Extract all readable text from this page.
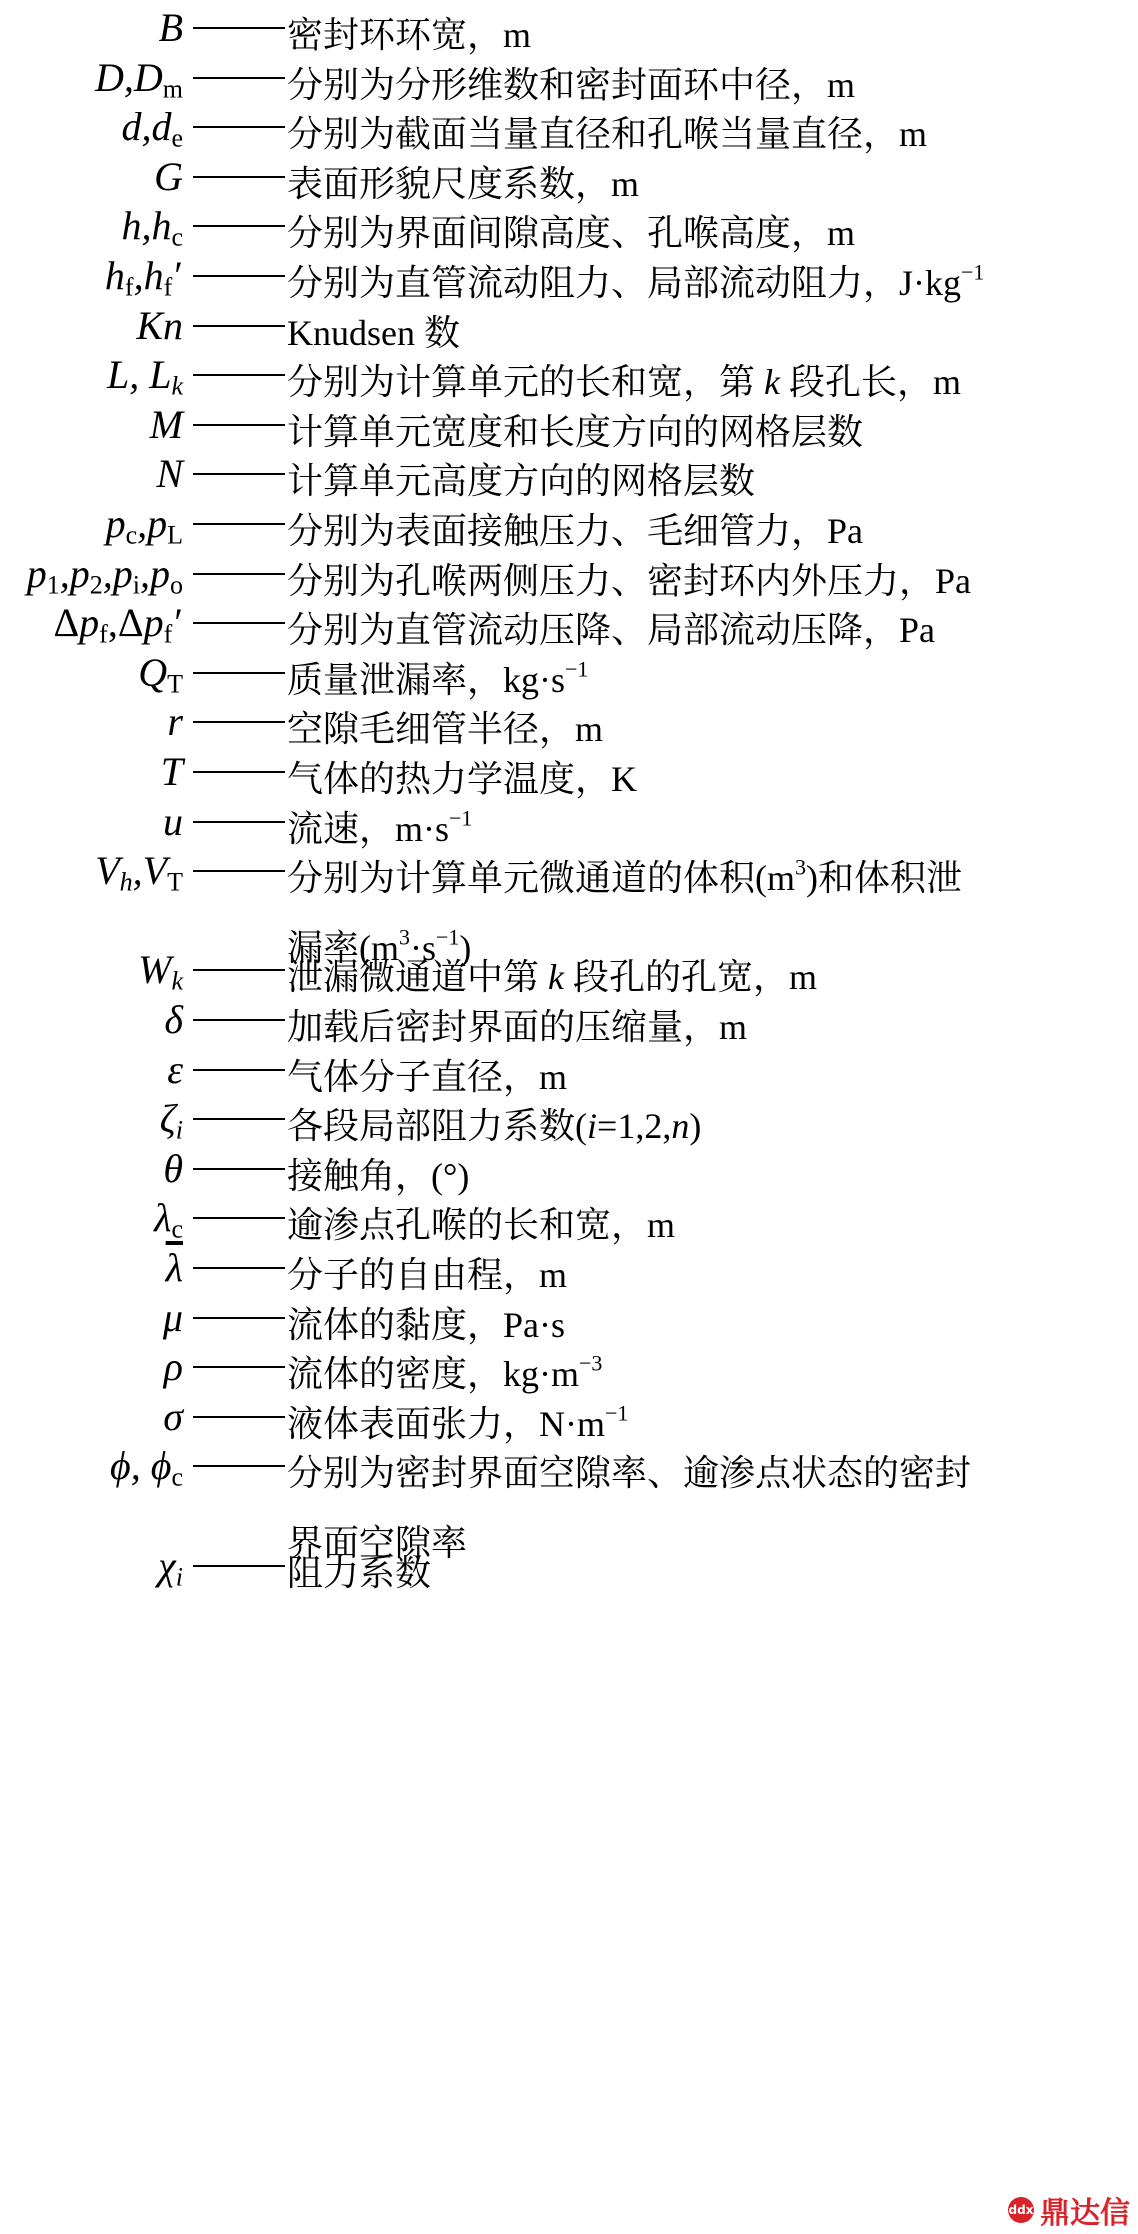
B	密封环环宽，m
$D,D_m$	分别为分形维数和密封面环中径，m
$d,d_e$	分别为截面当量直径和孔喉当量直径，m
G	表面形貌尺度系数，m
$h,h_c$	分别为界面间隙高度、孔喉高度，m
$h_f,h_f'$	分别为直管流动阻力、局部流动阻力，$J\cdot kg^{-1}$
Kn	Knudsen 数
L, $L_k$	分别为计算单元的长和宽，第 k 段孔长，m
M	计算单元宽度和长度方向的网格层数
N	计算单元高度方向的网格层数
$p_c,p_L$	分别为表面接触压力、毛细管力，Pa
$p_1,p_2,p_i,p_o$	分别为孔喉两侧压力、密封环内外压力，Pa
$\Delta p_f,\Delta p_f'$	分别为直管流动压降、局部流动压降，Pa
$Q_T$	质量泄漏率，$kg\cdot s^{-1}$
r	空隙毛细管半径，m
T	气体的热力学温度，K
u	流速，$m\cdot s^{-1}$
$V_h,V_T$	分别为计算单元微通道的体积$(m^3)$和体积泄
漏率$(m^3\cdot s^{-1})$
$W_k$	泄漏微通道中第 k 段孔的孔宽，m
δ	加载后密封界面的压缩量，m
ε	气体分子直径，m
$\zeta_i$	各段局部阻力系数(i=1,2,n)
θ	接触角，(°)
$\lambda_c$	逾渗点孔喉的长和宽，m
$\overline{\lambda}$	分子的自由程，m
μ	流体的黏度，Pa·s
ρ	流体的密度，$kg\cdot m^{-3}$
σ	液体表面张力，$N\cdot m^{-1}$
ϕ, $\phi_c$	分别为密封界面空隙率、逾渗点状态的密封
界面空隙率
$\chi_i$	阻力系数
ddx 鼎达信
